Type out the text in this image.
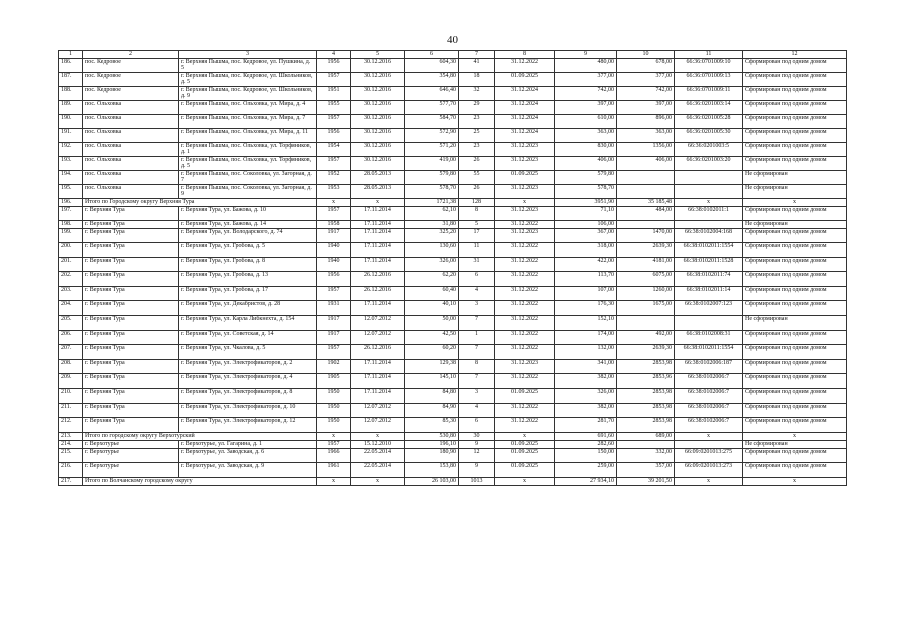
40
1	2	3	4	5	6	7	8	9	10	11	12
186.	пос. Кедровое	г. Верхняя Пышма, пос. Кедровое, ул. Пушкина, д. 5	1956	30.12.2016	604,30	41	31.12.2022	480,00	678,00	66:36:0701009:10	Сформирован под одним домом
187.	пос. Кедровое	г. Верхняя Пышма, пос. Кедровое, ул. Школьников, д. 5	1957	30.12.2016	354,80	18	01.09.2025	377,00	377,00	66:36:0701009:13	Сформирован под одним домом
188.	пос. Кедровое	г. Верхняя Пышма, пос. Кедровое, ул. Школьников, д. 9	1951	30.12.2016	646,40	32	31.12.2024	742,00	742,00	66:36:0701009:11	Сформирован под одним домом
189.	пос. Ольховка	г. Верхняя Пышма, пос. Ольховка, ул. Мира, д. 4	1955	30.12.2016	577,70	29	31.12.2024	397,00	397,00	66:36:0201003:14	Сформирован под одним домом
190.	пос. Ольховка	г. Верхняя Пышма, пос. Ольховка, ул. Мира, д. 7	1957	30.12.2016	584,70	23	31.12.2024	610,00	896,00	66:36:0201005:28	Сформирован под одним домом
191.	пос. Ольховка	г. Верхняя Пышма, пос. Ольховка, ул. Мира, д. 11	1956	30.12.2016	572,90	25	31.12.2024	363,00	363,00	66:36:0201005:30	Сформирован под одним домом
192.	пос. Ольховка	г. Верхняя Пышма, пос. Ольховка, ул. Торфяников, д. 1	1954	30.12.2016	571,20	23	31.12.2023	830,00	1356,00	66:36:0201003:5	Сформирован под одним домом
193.	пос. Ольховка	г. Верхняя Пышма, пос. Ольховка, ул. Торфяников, д. 5	1957	30.12.2016	419,00	26	31.12.2023	406,00	406,00	66:36:0201003:20	Сформирован под одним домом
194.	пос. Ольховка	г. Верхняя Пышма, пос. Соколовка, ул. Загорная, д. 7	1952	28.05.2013	579,80	55	01.09.2025	579,80			Не сформирован
195.	пос. Ольховка	г. Верхняя Пышма, пос. Соколовка, ул. Загорная, д. 9	1953	28.05.2013	578,70	26	31.12.2023	578,70			Не сформирован
196.	Итого по Городскому округу Верхняя Тура		x	x	1721,38	128	x	3951,90	35 185,48	x	x
197.	г. Верхняя Тура	г. Верхняя Тура, ул. Бажова, д. 10	1957	17.11.2014	62,10	8	31.12.2023	71,10	484,00	66:38:0102011:1	Сформирован под одним домом
198.	г. Верхняя Тура	г. Верхняя Тура, ул. Бажова, д. 14	1958	17.11.2014	31,80	5	31.12.2022	106,00			Не сформирован
199.	г. Верхняя Тура	г. Верхняя Тура, ул. Володарского, д. 74	1917	17.11.2014	325,20	17	31.12.2023	367,00	1470,00	66:38:0102004:168	Сформирован под одним домом
200.	г. Верхняя Тура	г. Верхняя Тура, ул. Гробова, д. 5	1940	17.11.2014	130,60	11	31.12.2022	318,00	2639,30	66:38:0102011:1554	Сформирован под одним домом
201.	г. Верхняя Тура	г. Верхняя Тура, ул. Гробова, д. 8	1940	17.11.2014	326,00	31	31.12.2022	422,00	4181,00	66:38:0102011:1528	Сформирован под одним домом
202.	г. Верхняя Тура	г. Верхняя Тура, ул. Гробова, д. 13	1956	26.12.2016	62,20	6	31.12.2022	113,70	6075,00	66:38:0102011:74	Сформирован под одним домом
203.	г. Верхняя Тура	г. Верхняя Тура, ул. Гробова, д. 17	1957	26.12.2016	60,40	4	31.12.2022	107,00	1260,00	66:38:0102011:14	Сформирован под одним домом
204.	г. Верхняя Тура	г. Верхняя Тура, ул. Декабристов, д. 28	1931	17.11.2014	40,10	3	31.12.2022	176,30	1675,00	66:38:0102007:123	Сформирован под одним домом
205.	г. Верхняя Тура	г. Верхняя Тура, ул. Карла Либкнехта, д. 154	1917	12.07.2012	50,00	7	31.12.2022	152,10			Не сформирован
206.	г. Верхняя Тура	г. Верхняя Тура, ул. Советская, д. 14	1917	12.07.2012	42,50	1	31.12.2022	174,00	492,00	66:38:0102008:31	Сформирован под одним домом
207.	г. Верхняя Тура	г. Верхняя Тура, ул. Чкалова, д. 5	1957	26.12.2016	60,20	7	31.12.2022	132,00	2639,30	66:38:0102011:1554	Сформирован под одним домом
208.	г. Верхняя Тура	г. Верхняя Тура, ул. Электрофикаторов, д. 2	1902	17.11.2014	129,38	8	31.12.2023	341,00	2853,98	66:38:0102006:187	Сформирован под одним домом
209.	г. Верхняя Тура	г. Верхняя Тура, ул. Электрофикаторов, д. 4	1905	17.11.2014	145,10	7	31.12.2022	382,00	2853,96	66:38:0102006:7	Сформирован под одним домом
210.	г. Верхняя Тура	г. Верхняя Тура, ул. Электрофикаторов, д. 8	1950	17.11.2014	84,80	3	01.09.2025	326,00	2853,98	66:38:0102006:7	Сформирован под одним домом
211.	г. Верхняя Тура	г. Верхняя Тура, ул. Электрофикаторов, д. 10	1950	12.07.2012	84,90	4	31.12.2022	382,00	2853,98	66:38:0102006:7	Сформирован под одним домом
212.	г. Верхняя Тура	г. Верхняя Тура, ул. Электрофикаторов, д. 12	1950	12.07.2012	85,30	6	31.12.2022	281,70	2853,98	66:38:0102006:7	Сформирован под одним домом
213.	Итого по городскому округу Верхотурский		x	x	530,80	30	x	691,60	689,00	x	x
214.	г. Верхотурье	г. Верхотурье, ул. Гагарина, д. 1	1957	15.12.2010	196,10	9	01.09.2025	282,60			Не сформирован
215.	г. Верхотурье	г. Верхотурье, ул. Заводская, д. 6	1966	22.05.2014	180,90	12	01.09.2025	150,00	332,00	66:09:0201013:275	Сформирован под одним домом
216.	г. Верхотурье	г. Верхотурье, ул. Заводская, д. 9	1961	22.05.2014	153,80	9	01.09.2025	259,00	357,00	66:09:0201013:273	Сформирован под одним домом
217.	Итого по Волчанскому городскому округу		x	x	26 103,00	1013	x	27 934,10	39 201,50	x	x
